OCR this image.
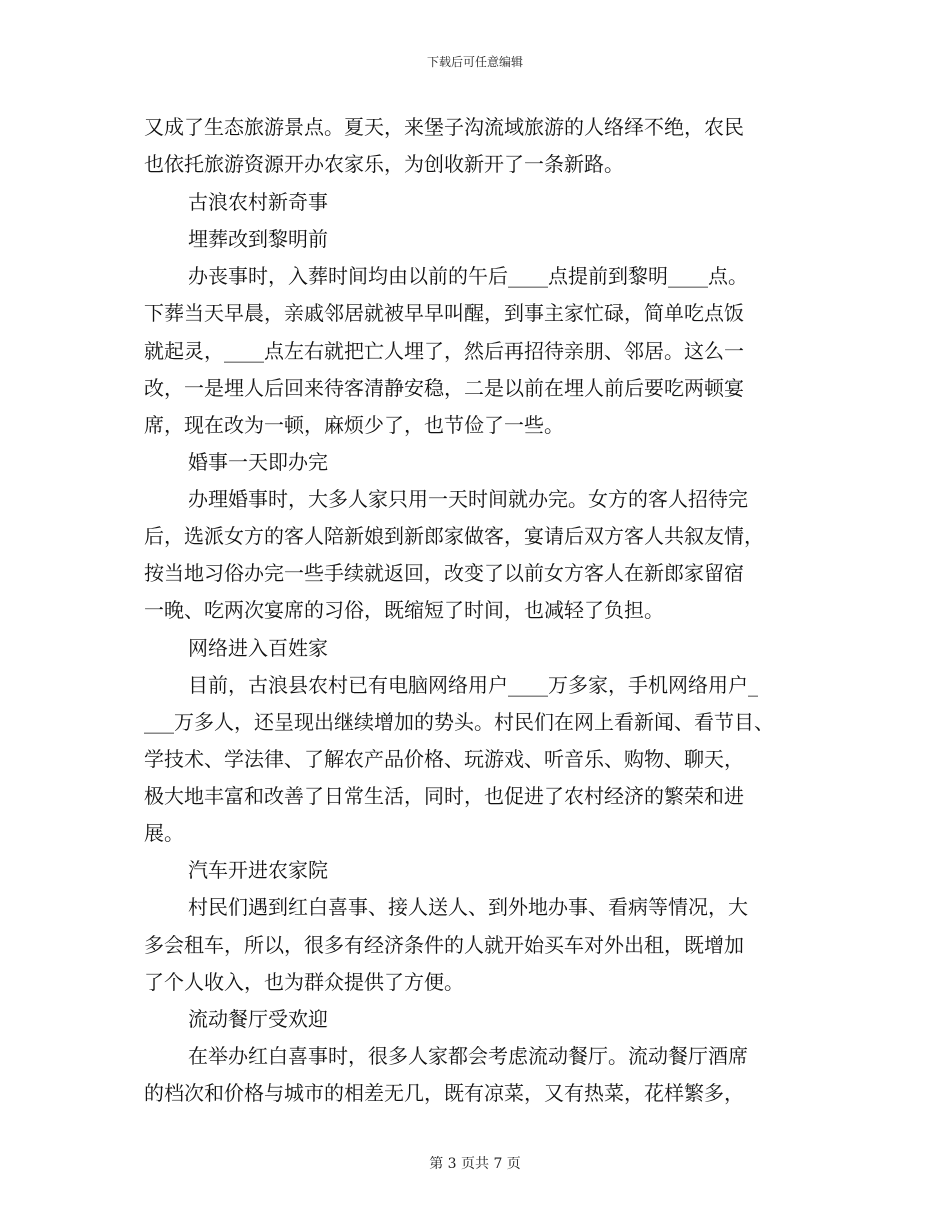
下载后可任意编辑
又成了生态旅游景点。夏天，来堡子沟流域旅游的人络绎不绝，农民
也依托旅游资源开办农家乐，为创收新开了一条新路。
古浪农村新奇事
埋葬改到黎明前
办丧事时，入葬时间均由以前的午后____点提前到黎明____点。
下葬当天早晨，亲戚邻居就被早早叫醒，到事主家忙碌，简单吃点饭
就起灵，____点左右就把亡人埋了，然后再招待亲朋、邻居。这么一
改，一是埋人后回来待客清静安稳，二是以前在埋人前后要吃两顿宴
席，现在改为一顿，麻烦少了，也节俭了一些。
婚事一天即办完
办理婚事时，大多人家只用一天时间就办完。女方的客人招待完
后，选派女方的客人陪新娘到新郎家做客，宴请后双方客人共叙友情，
按当地习俗办完一些手续就返回，改变了以前女方客人在新郎家留宿
一晚、吃两次宴席的习俗，既缩短了时间，也减轻了负担。
网络进入百姓家
目前，古浪县农村已有电脑网络用户____万多家，手机网络用户_
___万多人，还呈现出继续增加的势头。村民们在网上看新闻、看节目、
学技术、学法律、了解农产品价格、玩游戏、听音乐、购物、聊天，
极大地丰富和改善了日常生活，同时，也促进了农村经济的繁荣和进
展。
汽车开进农家院
村民们遇到红白喜事、接人送人、到外地办事、看病等情况，大
多会租车，所以，很多有经济条件的人就开始买车对外出租，既增加
了个人收入，也为群众提供了方便。
流动餐厅受欢迎
在举办红白喜事时，很多人家都会考虑流动餐厅。流动餐厅酒席
的档次和价格与城市的相差无几，既有凉菜，又有热菜，花样繁多，
第 3 页共 7 页
